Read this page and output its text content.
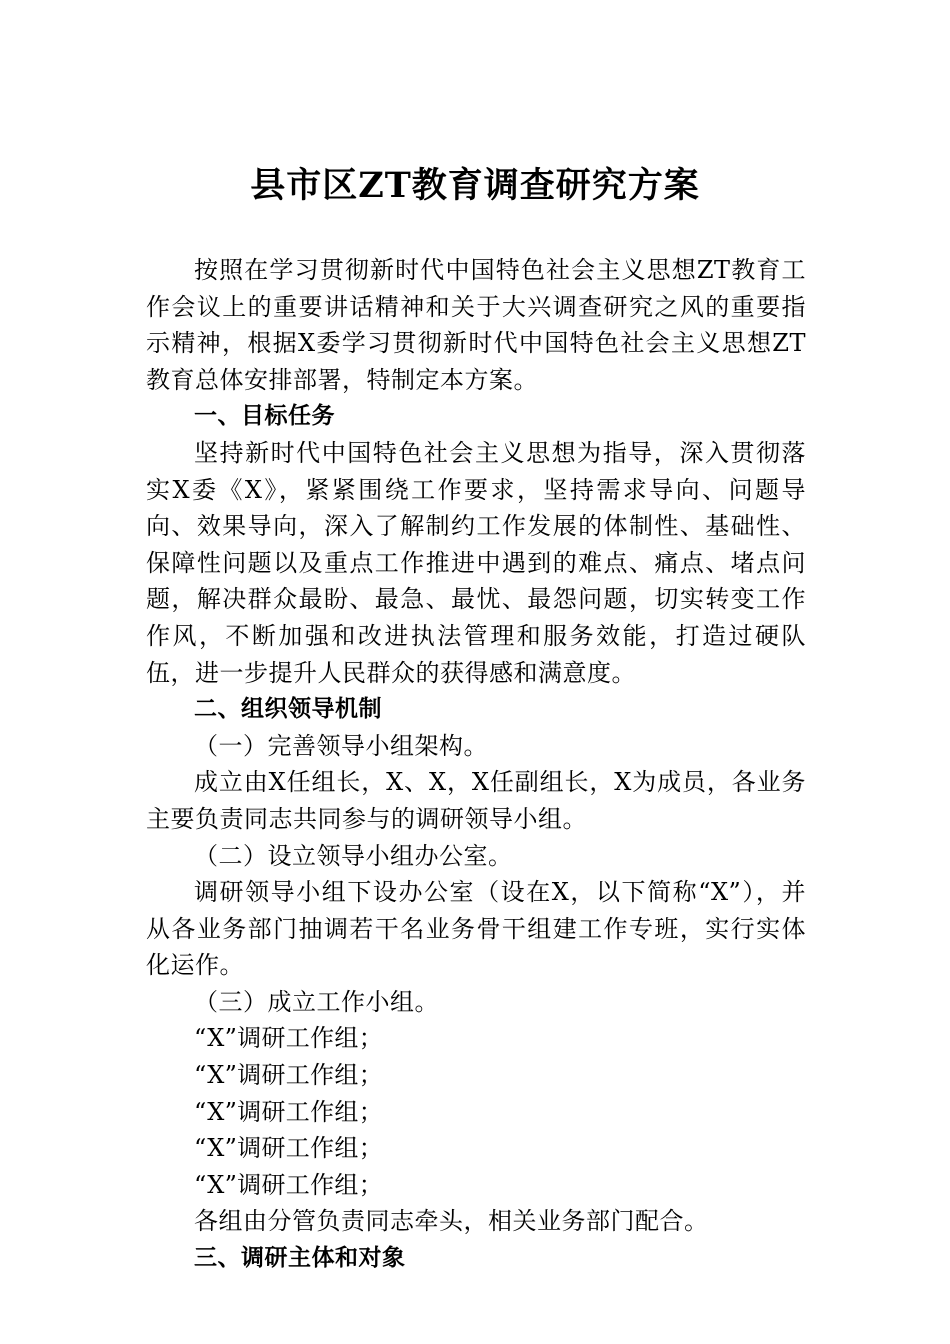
县市区ZT教育调查研究方案

按照在学习贯彻新时代中国特色社会主义思想ZT教育工作会议上的重要讲话精神和关于大兴调查研究之风的重要指示精神，根据X委学习贯彻新时代中国特色社会主义思想ZT教育总体安排部署，特制定本方案。

一、目标任务

坚持新时代中国特色社会主义思想为指导，深入贯彻落实X委《X》，紧紧围绕工作要求，坚持需求导向、问题导向、效果导向，深入了解制约工作发展的体制性、基础性、保障性问题以及重点工作推进中遇到的难点、痛点、堵点问题，解决群众最盼、最急、最忧、最怨问题，切实转变工作作风，不断加强和改进执法管理和服务效能，打造过硬队伍，进一步提升人民群众的获得感和满意度。

二、组织领导机制

（一）完善领导小组架构。

成立由X任组长，X、X，X任副组长，X为成员，各业务主要负责同志共同参与的调研领导小组。

（二）设立领导小组办公室。

调研领导小组下设办公室（设在X，以下简称“X”），并从各业务部门抽调若干名业务骨干组建工作专班，实行实体化运作。

（三）成立工作小组。

“X”调研工作组；

“X”调研工作组；

“X”调研工作组；

“X”调研工作组；

“X”调研工作组；

各组由分管负责同志牵头，相关业务部门配合。

三、调研主体和对象
